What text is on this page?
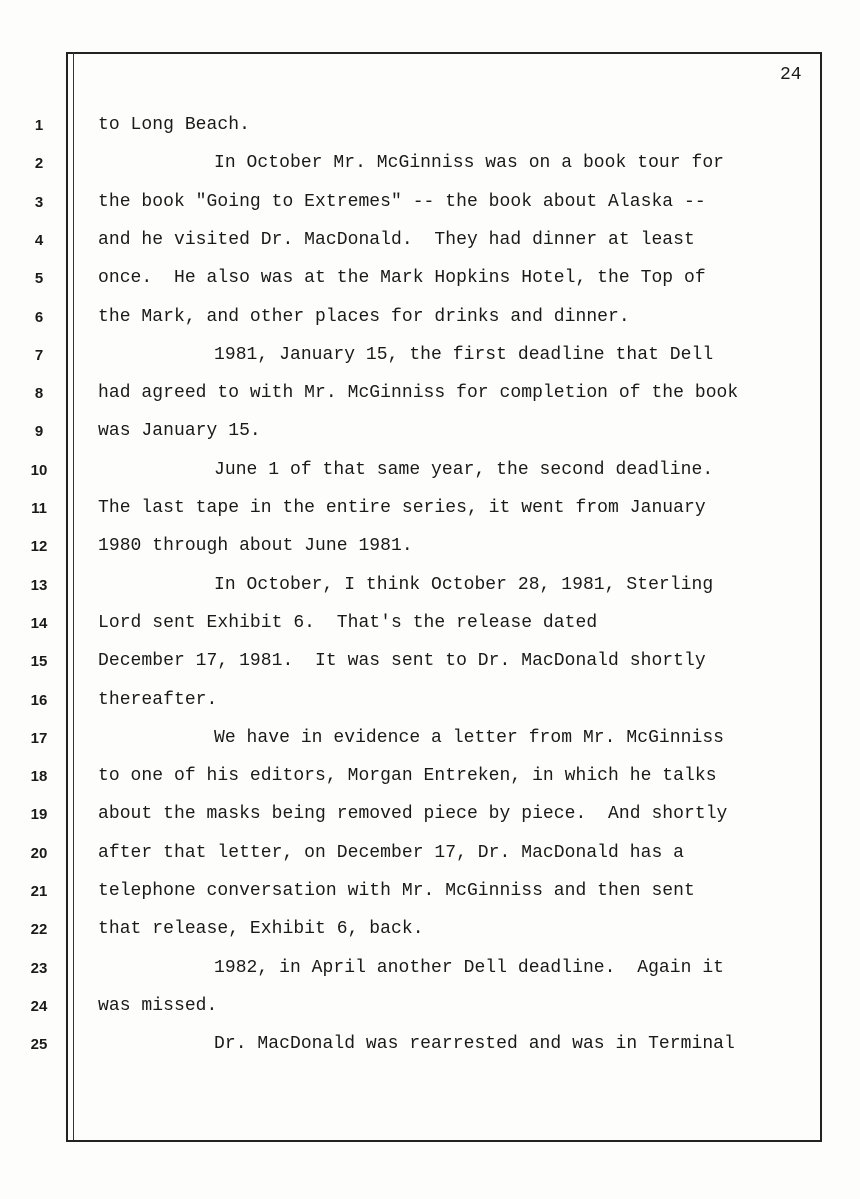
24
1	to Long Beach.
2	In October Mr. McGinniss was on a book tour for
3	the book "Going to Extremes" -- the book about Alaska --
4	and he visited Dr. MacDonald.  They had dinner at least
5	once.  He also was at the Mark Hopkins Hotel, the Top of
6	the Mark, and other places for drinks and dinner.
7	1981, January 15, the first deadline that Dell
8	had agreed to with Mr. McGinniss for completion of the book
9	was January 15.
10	June 1 of that same year, the second deadline.
11	The last tape in the entire series, it went from January
12	1980 through about June 1981.
13	In October, I think October 28, 1981, Sterling
14	Lord sent Exhibit 6.  That's the release dated
15	December 17, 1981.  It was sent to Dr. MacDonald shortly
16	thereafter.
17	We have in evidence a letter from Mr. McGinniss
18	to one of his editors, Morgan Entreken, in which he talks
19	about the masks being removed piece by piece.  And shortly
20	after that letter, on December 17, Dr. MacDonald has a
21	telephone conversation with Mr. McGinniss and then sent
22	that release, Exhibit 6, back.
23	1982, in April another Dell deadline.  Again it
24	was missed.
25	Dr. MacDonald was rearrested and was in Terminal
